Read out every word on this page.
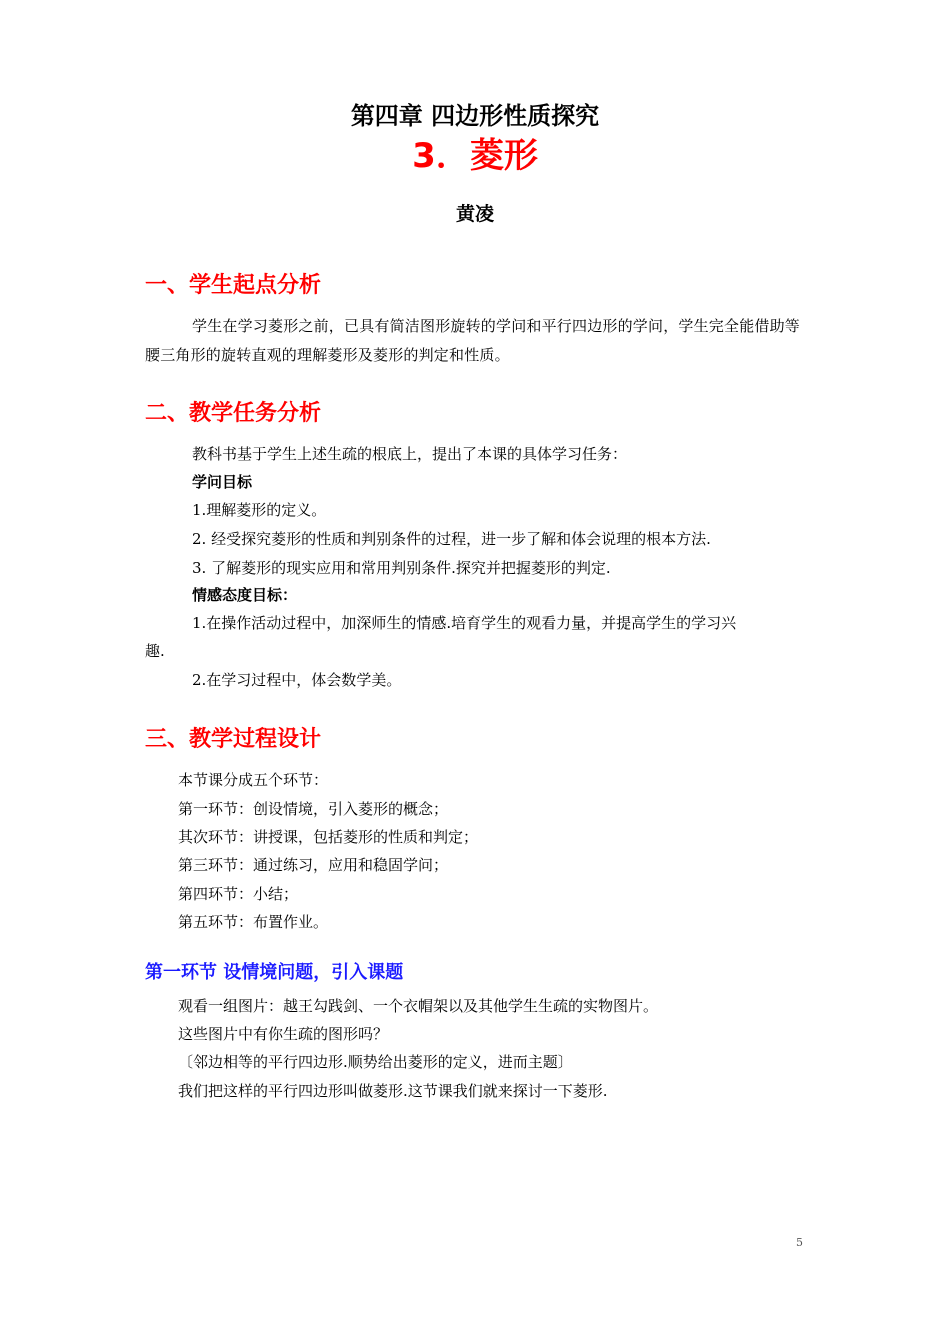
第四章 四边形性质探究
3．菱形
黄凌
一、学生起点分析
学生在学习菱形之前，已具有简洁图形旋转的学问和平行四边形的学问，学生完全能借助等腰三角形的旋转直观的理解菱形及菱形的判定和性质。
二、教学任务分析
教科书基于学生上述生疏的根底上，提出了本课的具体学习任务：
学问目标
1.理解菱形的定义。
2. 经受探究菱形的性质和判别条件的过程，进一步了解和体会说理的根本方法.
3. 了解菱形的现实应用和常用判别条件.探究并把握菱形的判定.
情感态度目标：
1.在操作活动过程中，加深师生的情感.培育学生的观看力量，并提高学生的学习兴
趣.
2.在学习过程中，体会数学美。
三、教学过程设计
本节课分成五个环节：
第一环节：创设情境，引入菱形的概念；
其次环节：讲授课，包括菱形的性质和判定；
第三环节：通过练习，应用和稳固学问；
第四环节：小结；
第五环节：布置作业。
第一环节 设情境问题，引入课题
观看一组图片：越王勾践剑、一个衣帽架以及其他学生生疏的实物图片。
这些图片中有你生疏的图形吗？
〔邻边相等的平行四边形.顺势给出菱形的定义，进而主题〕
我们把这样的平行四边形叫做菱形.这节课我们就来探讨一下菱形.
5
